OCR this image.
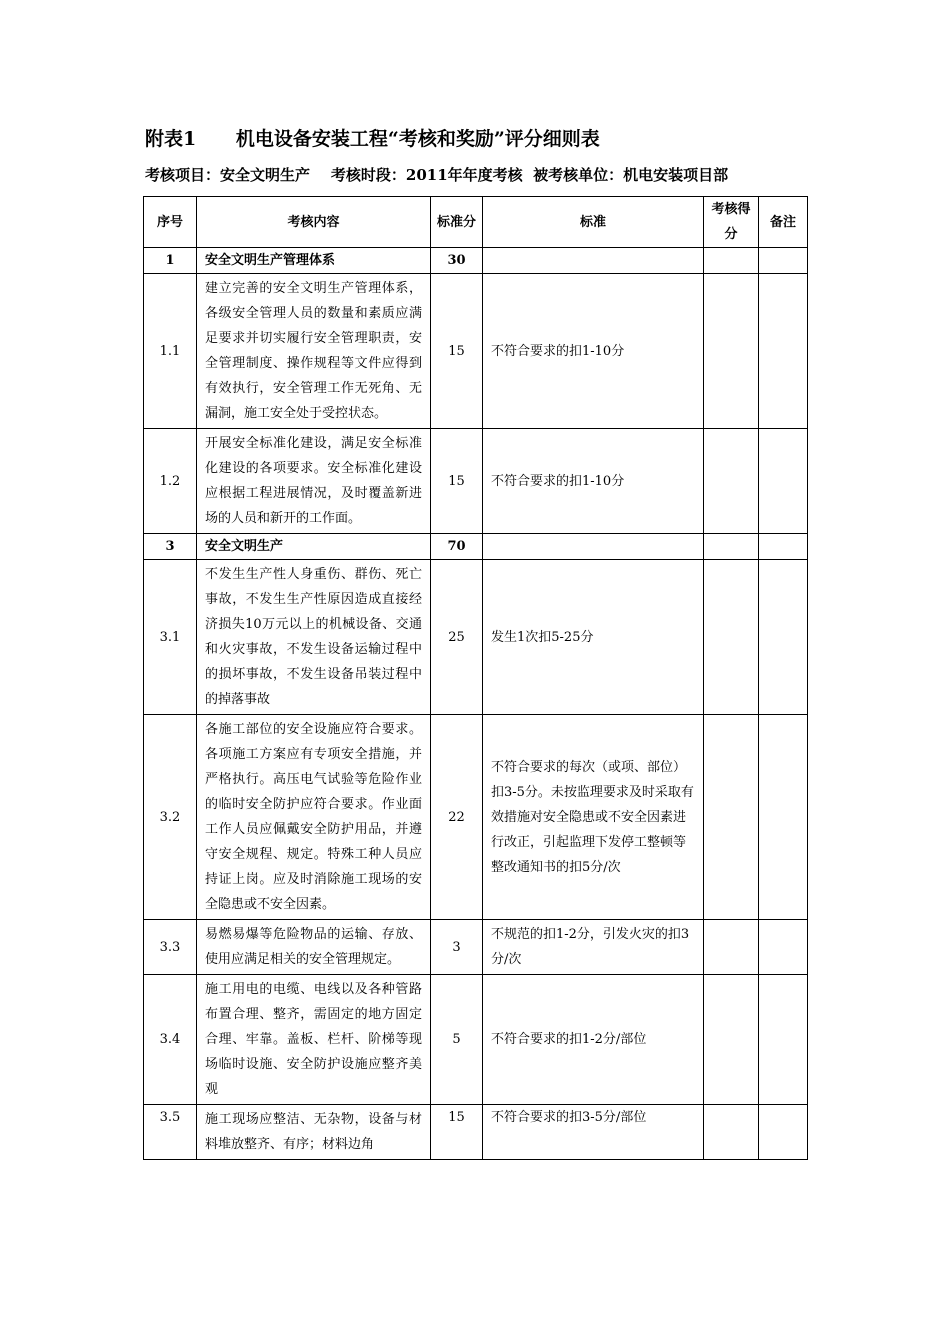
附表1      机电设备安装工程“考核和奖励”评分细则表
考核项目：安全文明生产    考核时段：2011年年度考核  被考核单位：机电安装项目部
序号	考核内容	标准分	标准	考核得分	备注
1	安全文明生产管理体系	30			
1.1	建立完善的安全文明生产管理体系，各级安全管理人员的数量和素质应满足要求并切实履行安全管理职责，安全管理制度、操作规程等文件应得到有效执行，安全管理工作无死角、无漏洞，施工安全处于受控状态。	15	不符合要求的扣1-10分		
1.2	开展安全标准化建设，满足安全标准化建设的各项要求。安全标准化建设应根据工程进展情况，及时覆盖新进场的人员和新开的工作面。	15	不符合要求的扣1-10分		
3	安全文明生产	70			
3.1	不发生生产性人身重伤、群伤、死亡事故，不发生生产性原因造成直接经济损失10万元以上的机械设备、交通和火灾事故，不发生设备运输过程中的损坏事故，不发生设备吊装过程中的掉落事故	25	发生1次扣5-25分		
3.2	各施工部位的安全设施应符合要求。各项施工方案应有专项安全措施，并严格执行。高压电气试验等危险作业的临时安全防护应符合要求。作业面工作人员应佩戴安全防护用品，并遵守安全规程、规定。特殊工种人员应持证上岗。应及时消除施工现场的安全隐患或不安全因素。	22	不符合要求的每次（或项、部位）扣3-5分。未按监理要求及时采取有效措施对安全隐患或不安全因素进行改正，引起监理下发停工整顿等整改通知书的扣5分/次		
3.3	易燃易爆等危险物品的运输、存放、使用应满足相关的安全管理规定。	3	不规范的扣1-2分，引发火灾的扣3分/次		
3.4	施工用电的电缆、电线以及各种管路布置合理、整齐，需固定的地方固定合理、牢靠。盖板、栏杆、阶梯等现场临时设施、安全防护设施应整齐美观	5	不符合要求的扣1-2分/部位		
3.5	施工现场应整洁、无杂物，设备与材料堆放整齐、有序；材料边角	15	不符合要求的扣3-5分/部位		
